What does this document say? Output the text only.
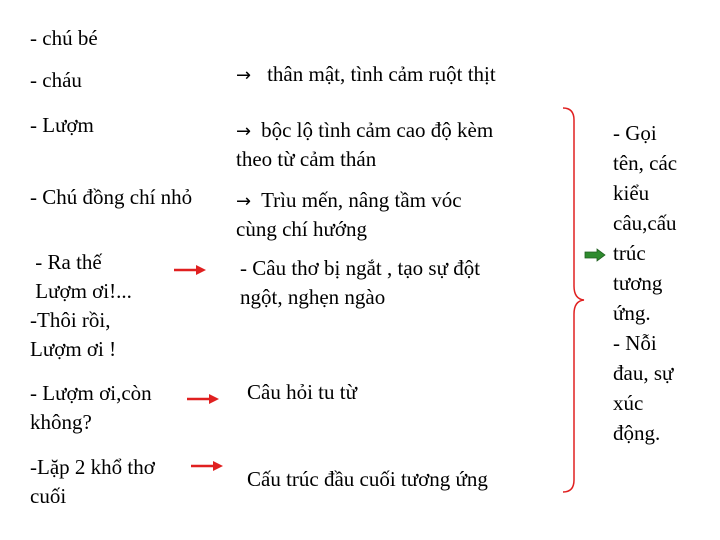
- chú bé
- cháu
- Lượm
- Chú đồng chí nhỏ
- Ra thế
Lượm ơi!...
-Thôi rồi,
Lượm ơi !
- Lượm ơi,còn
không?
-Lặp 2 khổ thơ
cuối
→ thân mật, tình cảm ruột thịt
→ bộc lộ tình cảm cao độ kèm
theo từ cảm thán
→ Trìu mến, nâng tầm vóc
cùng chí hướng
- Câu thơ bị ngắt , tạo sự đột
ngột, nghẹn ngào
Câu hỏi tu từ
Cấu trúc đầu cuối tương ứng
- Gọi
tên, các
kiểu
câu,cấu
trúc
tương
ứng.
- Nỗi
đau, sự
xúc
động.
